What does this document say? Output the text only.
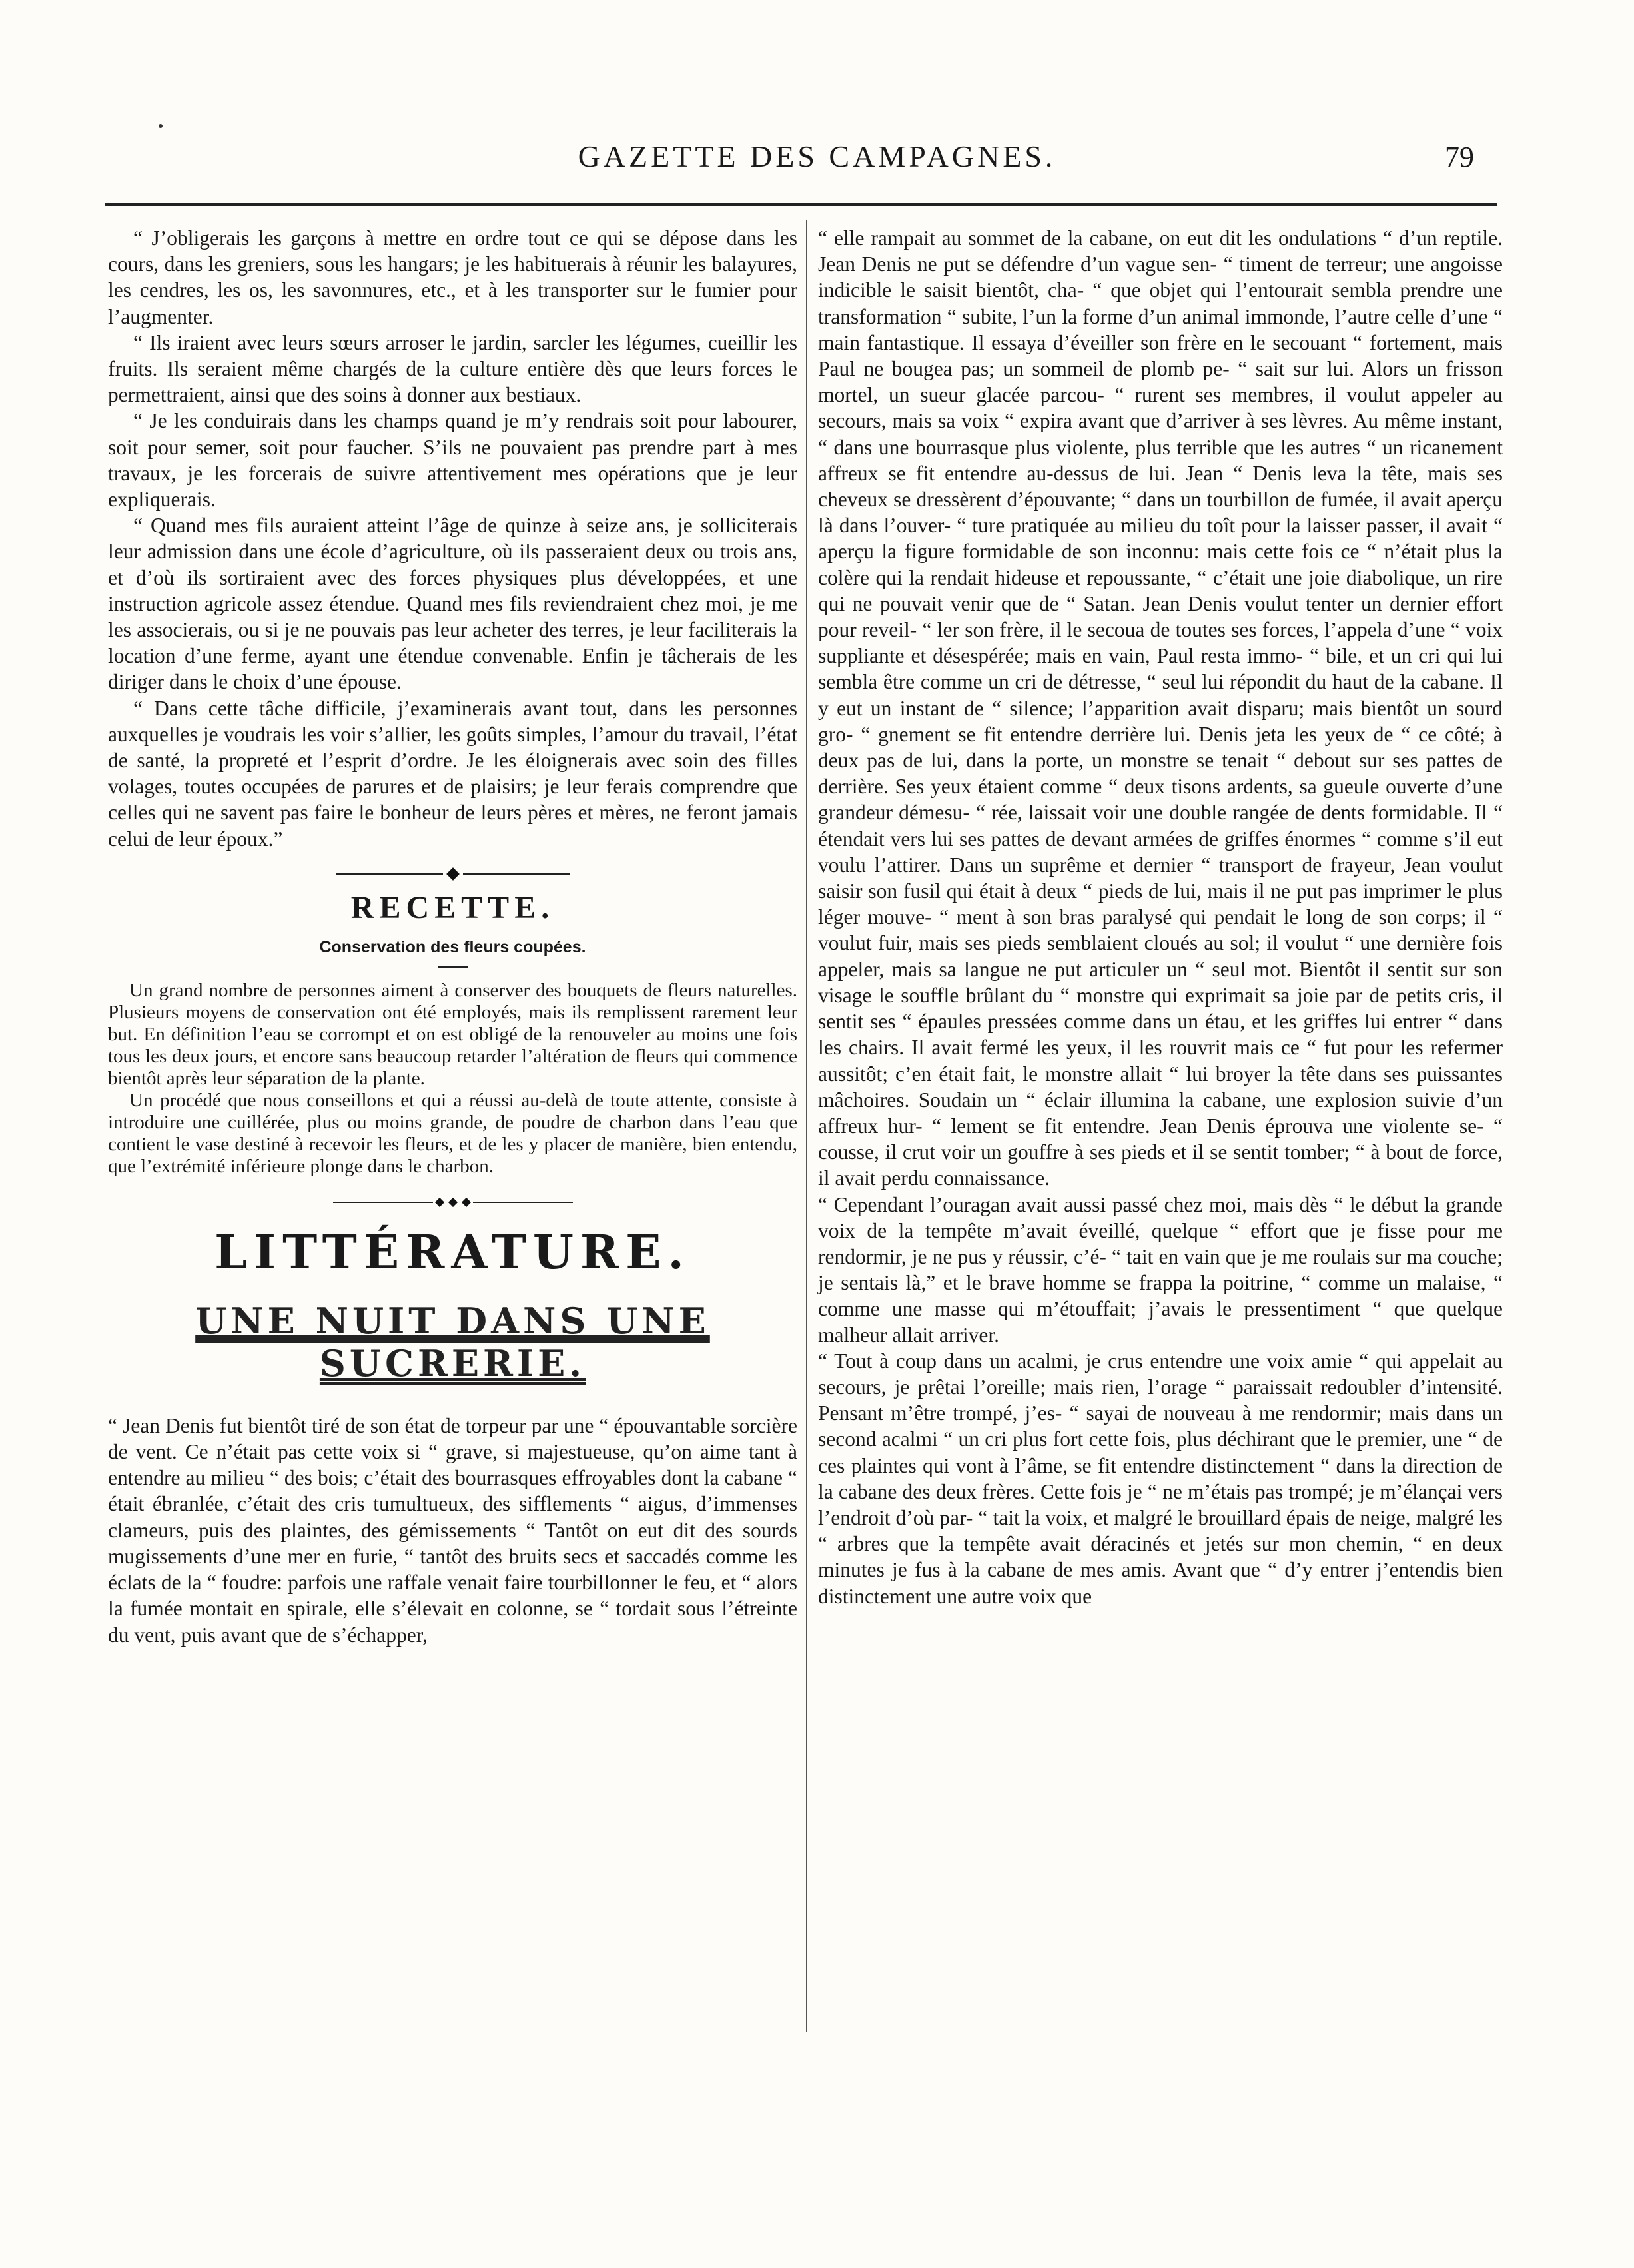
GAZETTE DES CAMPAGNES.	79

“ J’obligerais les garçons à mettre en ordre tout ce qui se dépose dans les cours, dans les greniers, sous les hangars; je les habituerais à réunir les balayures, les cendres, les os, les savonnures, etc., et à les transporter sur le fumier pour l’augmenter.

“ Ils iraient avec leurs sœurs arroser le jardin, sarcler les légumes, cueillir les fruits. Ils seraient même chargés de la culture entière dès que leurs forces le permettraient, ainsi que des soins à donner aux bestiaux.

“ Je les conduirais dans les champs quand je m’y rendrais soit pour labourer, soit pour semer, soit pour faucher. S’ils ne pouvaient pas prendre part à mes travaux, je les forcerais de suivre attentivement mes opérations que je leur expliquerais.

“ Quand mes fils auraient atteint l’âge de quinze à seize ans, je solliciterais leur admission dans une école d’agriculture, où ils passeraient deux ou trois ans, et d’où ils sortiraient avec des forces physiques plus développées, et une instruction agricole assez étendue. Quand mes fils reviendraient chez moi, je me les associerais, ou si je ne pouvais pas leur acheter des terres, je leur faciliterais la location d’une ferme, ayant une étendue convenable. Enfin je tâcherais de les diriger dans le choix d’une épouse.

“ Dans cette tâche difficile, j’examinerais avant tout, dans les personnes auxquelles je voudrais les voir s’allier, les goûts simples, l’amour du travail, l’état de santé, la propreté et l’esprit d’ordre. Je les éloignerais avec soin des filles volages, toutes occupées de parures et de plaisirs; je leur ferais comprendre que celles qui ne savent pas faire le bonheur de leurs pères et mères, ne feront jamais celui de leur époux.”

RECETTE.
Conservation des fleurs coupées.

Un grand nombre de personnes aiment à conserver des bouquets de fleurs naturelles. Plusieurs moyens de conservation ont été employés, mais ils remplissent rarement leur but. En définition l’eau se corrompt et on est obligé de la renouveler au moins une fois tous les deux jours, et encore sans beaucoup retarder l’altération de fleurs qui commence bientôt après leur séparation de la plante.

Un procédé que nous conseillons et qui a réussi au-delà de toute attente, consiste à introduire une cuillérée, plus ou moins grande, de poudre de charbon dans l’eau que contient le vase destiné à recevoir les fleurs, et de les y placer de manière, bien entendu, que l’extrémité inférieure plonge dans le charbon.

LITTÉRATURE.
UNE NUIT DANS UNE SUCRERIE.

“ Jean Denis fut bientôt tiré de son état de torpeur par une “ épouvantable sorcière de vent. Ce n’était pas cette voix si “ grave, si majestueuse, qu’on aime tant à entendre au milieu “ des bois; c’était des bourrasques effroyables dont la cabane “ était ébranlée, c’était des cris tumultueux, des sifflements “ aigus, d’immenses clameurs, puis des plaintes, des gémissements “ Tantôt on eut dit des sourds mugissements d’une mer en furie, “ tantôt des bruits secs et saccadés comme les éclats de la “ foudre: parfois une raffale venait faire tourbillonner le feu, et “ alors la fumée montait en spirale, elle s’élevait en colonne, se “ tordait sous l’étreinte du vent, puis avant que de s’échapper,

“ elle rampait au sommet de la cabane, on eut dit les ondulations “ d’un reptile. Jean Denis ne put se défendre d’un vague sen- “ timent de terreur; une angoisse indicible le saisit bientôt, cha- “ que objet qui l’entourait sembla prendre une transformation “ subite, l’un la forme d’un animal immonde, l’autre celle d’une “ main fantastique. Il essaya d’éveiller son frère en le secouant “ fortement, mais Paul ne bougea pas; un sommeil de plomb pe- “ sait sur lui. Alors un frisson mortel, un sueur glacée parcou- “ rurent ses membres, il voulut appeler au secours, mais sa voix “ expira avant que d’arriver à ses lèvres. Au même instant, “ dans une bourrasque plus violente, plus terrible que les autres “ un ricanement affreux se fit entendre au-dessus de lui. Jean “ Denis leva la tête, mais ses cheveux se dressèrent d’épouvante; “ dans un tourbillon de fumée, il avait aperçu là dans l’ouver- “ ture pratiquée au milieu du toît pour la laisser passer, il avait “ aperçu la figure formidable de son inconnu: mais cette fois ce “ n’était plus la colère qui la rendait hideuse et repoussante, “ c’était une joie diabolique, un rire qui ne pouvait venir que de “ Satan. Jean Denis voulut tenter un dernier effort pour reveil- “ ler son frère, il le secoua de toutes ses forces, l’appela d’une “ voix suppliante et désespérée; mais en vain, Paul resta immo- “ bile, et un cri qui lui sembla être comme un cri de détresse, “ seul lui répondit du haut de la cabane. Il y eut un instant de “ silence; l’apparition avait disparu; mais bientôt un sourd gro- “ gnement se fit entendre derrière lui. Denis jeta les yeux de “ ce côté; à deux pas de lui, dans la porte, un monstre se tenait “ debout sur ses pattes de derrière. Ses yeux étaient comme “ deux tisons ardents, sa gueule ouverte d’une grandeur démesu- “ rée, laissait voir une double rangée de dents formidable. Il “ étendait vers lui ses pattes de devant armées de griffes énormes “ comme s’il eut voulu l’attirer. Dans un suprême et dernier “ transport de frayeur, Jean voulut saisir son fusil qui était à deux “ pieds de lui, mais il ne put pas imprimer le plus léger mouve- “ ment à son bras paralysé qui pendait le long de son corps; il “ voulut fuir, mais ses pieds semblaient cloués au sol; il voulut “ une dernière fois appeler, mais sa langue ne put articuler un “ seul mot. Bientôt il sentit sur son visage le souffle brûlant du “ monstre qui exprimait sa joie par de petits cris, il sentit ses “ épaules pressées comme dans un étau, et les griffes lui entrer “ dans les chairs. Il avait fermé les yeux, il les rouvrit mais ce “ fut pour les refermer aussitôt; c’en était fait, le monstre allait “ lui broyer la tête dans ses puissantes mâchoires. Soudain un “ éclair illumina la cabane, une explosion suivie d’un affreux hur- “ lement se fit entendre. Jean Denis éprouva une violente se- “ cousse, il crut voir un gouffre à ses pieds et il se sentit tomber; “ à bout de force, il avait perdu connaissance.

“ Cependant l’ouragan avait aussi passé chez moi, mais dès “ le début la grande voix de la tempête m’avait éveillé, quelque “ effort que je fisse pour me rendormir, je ne pus y réussir, c’é- “ tait en vain que je me roulais sur ma couche; je sentais là,” et le brave homme se frappa la poitrine, “ comme un malaise, “ comme une masse qui m’étouffait; j’avais le pressentiment “ que quelque malheur allait arriver.

“ Tout à coup dans un acalmi, je crus entendre une voix amie “ qui appelait au secours, je prêtai l’oreille; mais rien, l’orage “ paraissait redoubler d’intensité. Pensant m’être trompé, j’es- “ sayai de nouveau à me rendormir; mais dans un second acalmi “ un cri plus fort cette fois, plus déchirant que le premier, une “ de ces plaintes qui vont à l’âme, se fit entendre distinctement “ dans la direction de la cabane des deux frères. Cette fois je “ ne m’étais pas trompé; je m’élançai vers l’endroit d’où par- “ tait la voix, et malgré le brouillard épais de neige, malgré les “ arbres que la tempête avait déracinés et jetés sur mon chemin, “ en deux minutes je fus à la cabane de mes amis. Avant que “ d’y entrer j’entendis bien distinctement une autre voix que
